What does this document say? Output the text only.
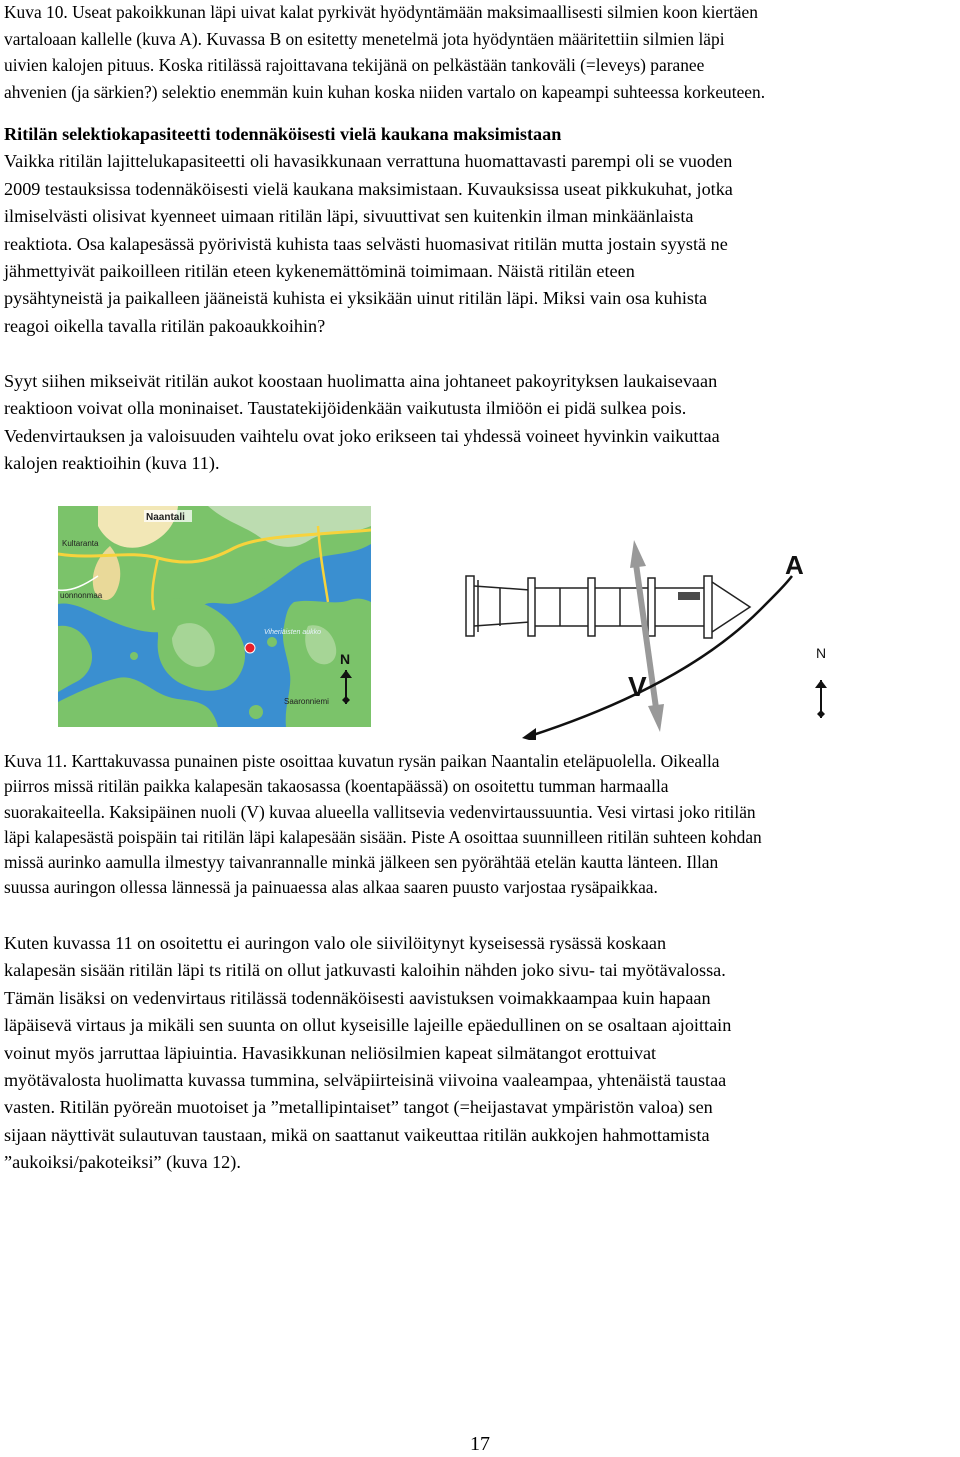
Kuva 10. Useat pakoikkunan läpi uivat kalat pyrkivät hyödyntämään maksimaallisesti silmien koon kiertäen
vartaloaan kallelle (kuva A). Kuvassa B on esitetty menetelmä jota hyödyntäen määritettiin silmien läpi
uivien kalojen pituus. Koska ritilässä rajoittavana tekijänä on pelkästään tankoväli (=leveys) paranee
ahvenien (ja särkien?) selektio enemmän kuin kuhan koska niiden vartalo on kapeampi suhteessa korkeuteen.
Ritilän selektiokapasiteetti todennäköisesti vielä kaukana maksimistaan
Vaikka ritilän lajittelukapasiteetti oli havasikkunaan verrattuna huomattavasti parempi oli se vuoden
2009 testauksissa todennäköisesti vielä kaukana maksimistaan. Kuvauksissa useat pikkukuhat, jotka
ilmiselvästi olisivat kyenneet uimaan ritilän läpi, sivuuttivat sen kuitenkin ilman minkäänlaista
reaktiota. Osa kalapesässä pyörivistä kuhista taas selvästi huomasivat ritilän mutta jostain syystä ne
jähmettyivät paikoilleen ritilän eteen kykenemättöminä toimimaan. Näistä ritilän eteen
pysähtyneistä ja paikalleen jääneistä kuhista ei yksikään uinut ritilän läpi. Miksi vain osa kuhista
reagoi oikella tavalla ritilän pakoaukkoihin?
Syyt siihen mikseivät ritilän aukot koostaan huolimatta aina johtaneet pakoyrityksen laukaisevaan
reaktioon voivat olla moninaiset. Taustatekijöidenkään vaikutusta ilmiöön ei pidä sulkea pois.
Vedenvirtauksen ja valoisuuden vaihtelu ovat joko erikseen tai yhdessä voineet hyvinkin vaikuttaa
kalojen reaktioihin (kuva 11).
Naantali
Kultaranta
uonnonmaa
Viheriäisten aukko
Saaronniemi
N
V
A
N
Kuva 11. Karttakuvassa punainen piste osoittaa kuvatun rysän paikan Naantalin eteläpuolella. Oikealla
piirros missä ritilän paikka kalapesän takaosassa (koentapäässä) on osoitettu tumman harmaalla
suorakaiteella. Kaksipäinen nuoli (V) kuvaa alueella vallitsevia vedenvirtaussuuntia. Vesi virtasi joko ritilän
läpi kalapesästä poispäin tai ritilän läpi kalapesään sisään. Piste A osoittaa suunnilleen ritilän suhteen kohdan
missä aurinko aamulla ilmestyy taivanrannalle minkä jälkeen sen pyörähtää etelän kautta länteen. Illan
suussa auringon ollessa lännessä ja painuaessa alas alkaa saaren puusto varjostaa rysäpaikkaa.
Kuten kuvassa 11 on osoitettu ei auringon valo ole siivilöitynyt kyseisessä rysässä koskaan
kalapesän sisään ritilän läpi ts ritilä on ollut jatkuvasti kaloihin nähden joko sivu- tai myötävalossa.
Tämän lisäksi on vedenvirtaus ritilässä todennäköisesti aavistuksen voimakkaampaa kuin hapaan
läpäisevä virtaus ja mikäli sen suunta on ollut kyseisille lajeille epäedullinen on se osaltaan ajoittain
voinut myös jarruttaa läpiuintia. Havasikkunan neliösilmien kapeat silmätangot erottuivat
myötävalosta huolimatta kuvassa tummina, selväpiirteisinä viivoina vaaleampaa, yhtenäistä taustaa
vasten. Ritilän pyöreän muotoiset ja ”metallipintaiset” tangot (=heijastavat ympäristön valoa) sen
sijaan näyttivät sulautuvan taustaan, mikä on saattanut vaikeuttaa ritilän aukkojen hahmottamista
”aukoiksi/pakoteiksi” (kuva 12).
17
